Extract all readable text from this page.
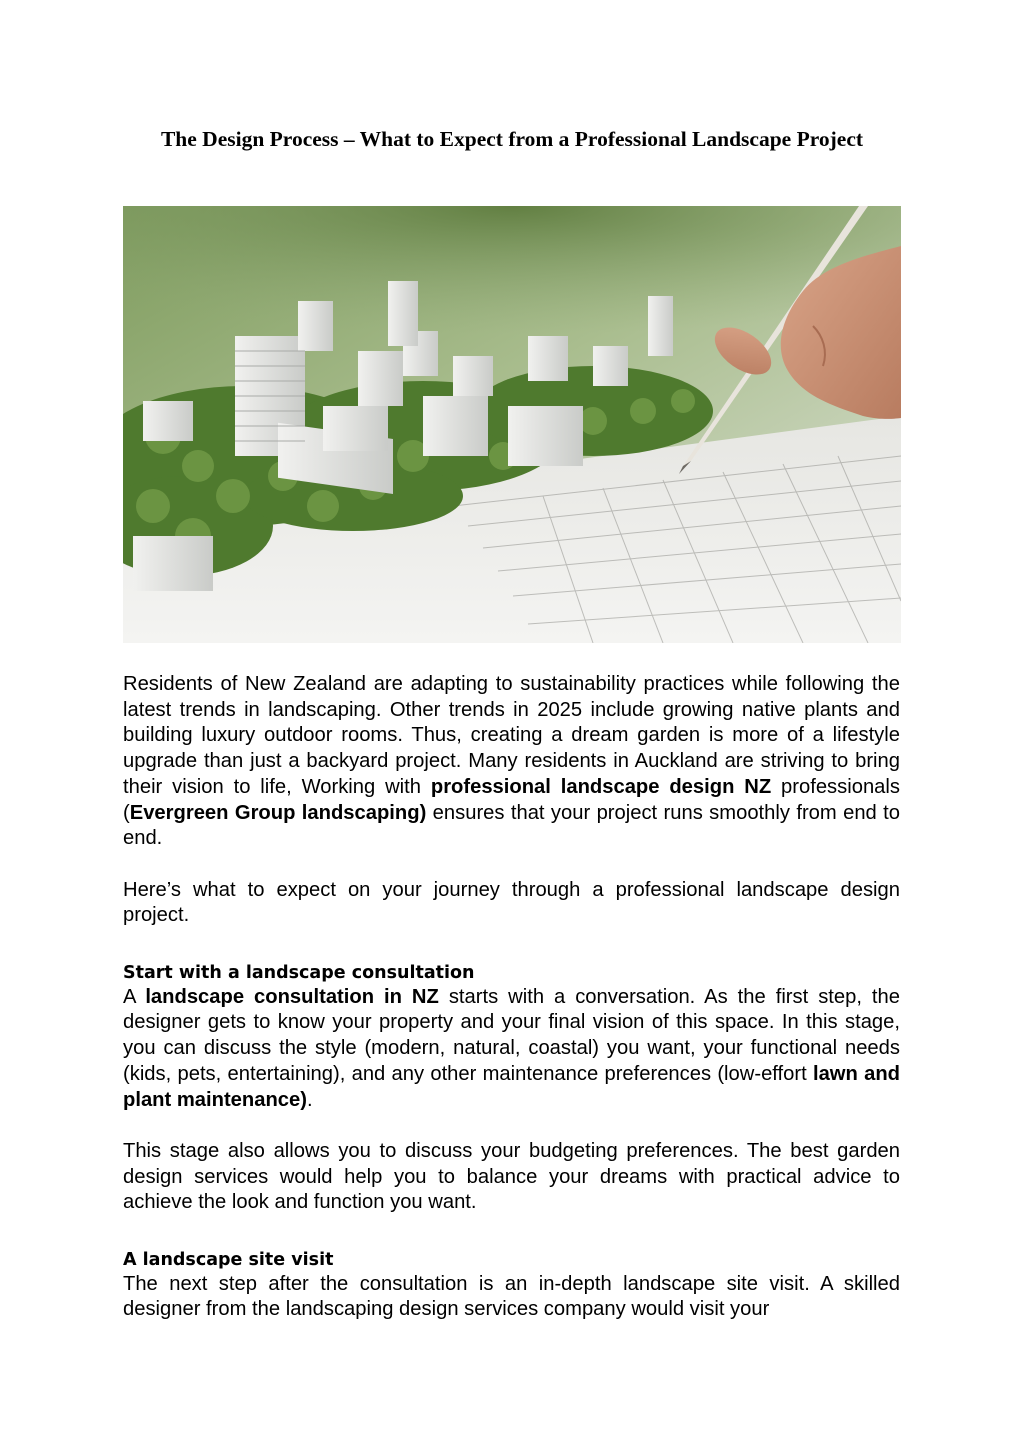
The Design Process – What to Expect from a Professional Landscape Project

Residents of New Zealand are adapting to sustainability practices while following the latest trends in landscaping. Other trends in 2025 include growing native plants and building luxury outdoor rooms. Thus, creating a dream garden is more of a lifestyle upgrade than just a backyard project. Many residents in Auckland are striving to bring their vision to life, Working with professional landscape design NZ professionals (Evergreen Group landscaping) ensures that your project runs smoothly from end to end.

Here’s what to expect on your journey through a professional landscape design project.

Start with a landscape consultation

A landscape consultation in NZ starts with a conversation. As the first step, the designer gets to know your property and your final vision of this space. In this stage, you can discuss the style (modern, natural, coastal) you want, your functional needs (kids, pets, entertaining), and any other maintenance preferences (low-effort lawn and plant maintenance).

This stage also allows you to discuss your budgeting preferences. The best garden design services would help you to balance your dreams with practical advice to achieve the look and function you want.

A landscape site visit

The next step after the consultation is an in-depth landscape site visit. A skilled designer from the landscaping design services company would visit your
